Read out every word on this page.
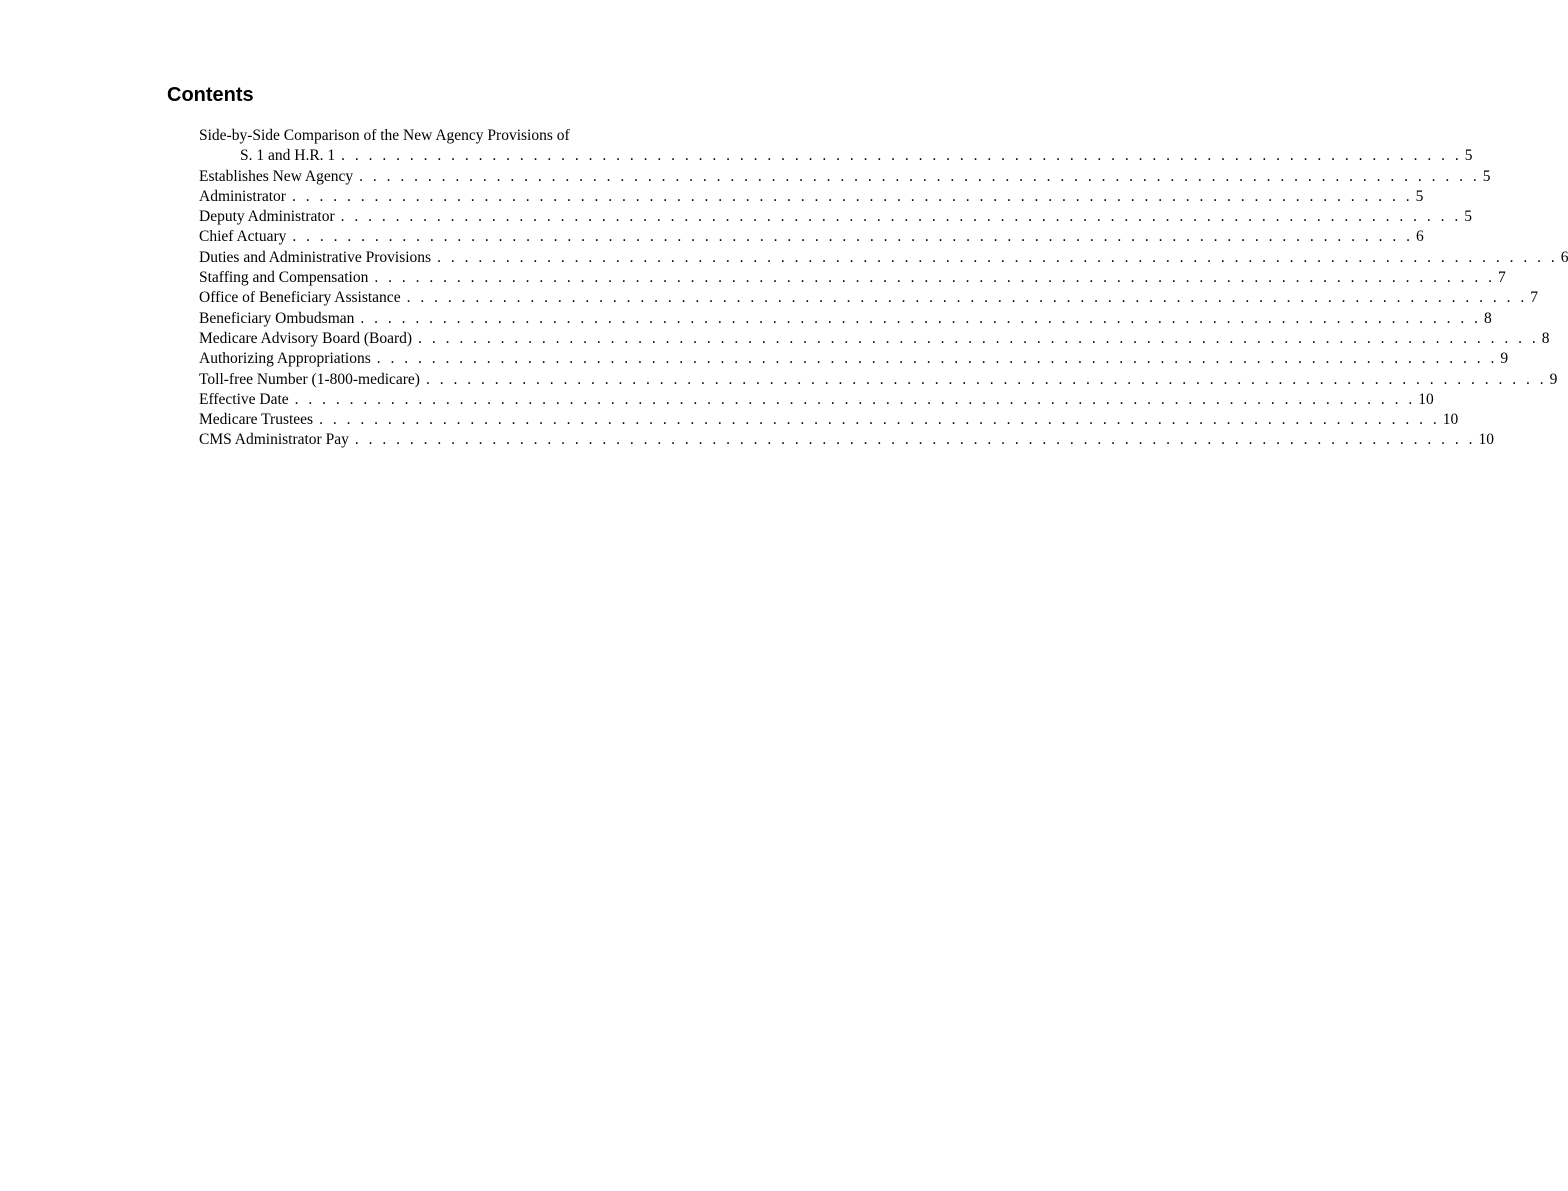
Contents
Side-by-Side Comparison of the New Agency Provisions of
S. 1 and H.R. 1 . . . . . . . . . . . . . . . . . . . . . . . . . . . . . . . . . . . . . . . . . . . . . . . . . . . . . . . . . . . . . . . . . . . . . . . . . . . . . . . . . . 5
Establishes New Agency . . . . . . . . . . . . . . . . . . . . . . . . . . . . . . . . . . . . . . . . . . . . . . . . . . . . . . . . . . . . . . . . . . . . . . . . . . . . . . . . . . 5
Administrator . . . . . . . . . . . . . . . . . . . . . . . . . . . . . . . . . . . . . . . . . . . . . . . . . . . . . . . . . . . . . . . . . . . . . . . . . . . . . . . . . . 5
Deputy Administrator . . . . . . . . . . . . . . . . . . . . . . . . . . . . . . . . . . . . . . . . . . . . . . . . . . . . . . . . . . . . . . . . . . . . . . . . . . . . . . . . . . 5
Chief Actuary . . . . . . . . . . . . . . . . . . . . . . . . . . . . . . . . . . . . . . . . . . . . . . . . . . . . . . . . . . . . . . . . . . . . . . . . . . . . . . . . . . 6
Duties and Administrative Provisions . . . . . . . . . . . . . . . . . . . . . . . . . . . . . . . . . . . . . . . . . . . . . . . . . . . . . . . . . . . . . . . . . . . . . . . . . . . . . . . . . . 6
Staffing and Compensation . . . . . . . . . . . . . . . . . . . . . . . . . . . . . . . . . . . . . . . . . . . . . . . . . . . . . . . . . . . . . . . . . . . . . . . . . . . . . . . . . . 7
Office of Beneficiary Assistance . . . . . . . . . . . . . . . . . . . . . . . . . . . . . . . . . . . . . . . . . . . . . . . . . . . . . . . . . . . . . . . . . . . . . . . . . . . . . . . . . . 7
Beneficiary Ombudsman . . . . . . . . . . . . . . . . . . . . . . . . . . . . . . . . . . . . . . . . . . . . . . . . . . . . . . . . . . . . . . . . . . . . . . . . . . . . . . . . . . 8
Medicare Advisory Board (Board) . . . . . . . . . . . . . . . . . . . . . . . . . . . . . . . . . . . . . . . . . . . . . . . . . . . . . . . . . . . . . . . . . . . . . . . . . . . . . . . . . . 8
Authorizing Appropriations . . . . . . . . . . . . . . . . . . . . . . . . . . . . . . . . . . . . . . . . . . . . . . . . . . . . . . . . . . . . . . . . . . . . . . . . . . . . . . . . . . 9
Toll-free Number (1-800-medicare) . . . . . . . . . . . . . . . . . . . . . . . . . . . . . . . . . . . . . . . . . . . . . . . . . . . . . . . . . . . . . . . . . . . . . . . . . . . . . . . . . . 9
Effective Date . . . . . . . . . . . . . . . . . . . . . . . . . . . . . . . . . . . . . . . . . . . . . . . . . . . . . . . . . . . . . . . . . . . . . . . . . . . . . . . . . . 10
Medicare Trustees . . . . . . . . . . . . . . . . . . . . . . . . . . . . . . . . . . . . . . . . . . . . . . . . . . . . . . . . . . . . . . . . . . . . . . . . . . . . . . . . . . 10
CMS Administrator Pay . . . . . . . . . . . . . . . . . . . . . . . . . . . . . . . . . . . . . . . . . . . . . . . . . . . . . . . . . . . . . . . . . . . . . . . . . . . . . . . . . . 10
